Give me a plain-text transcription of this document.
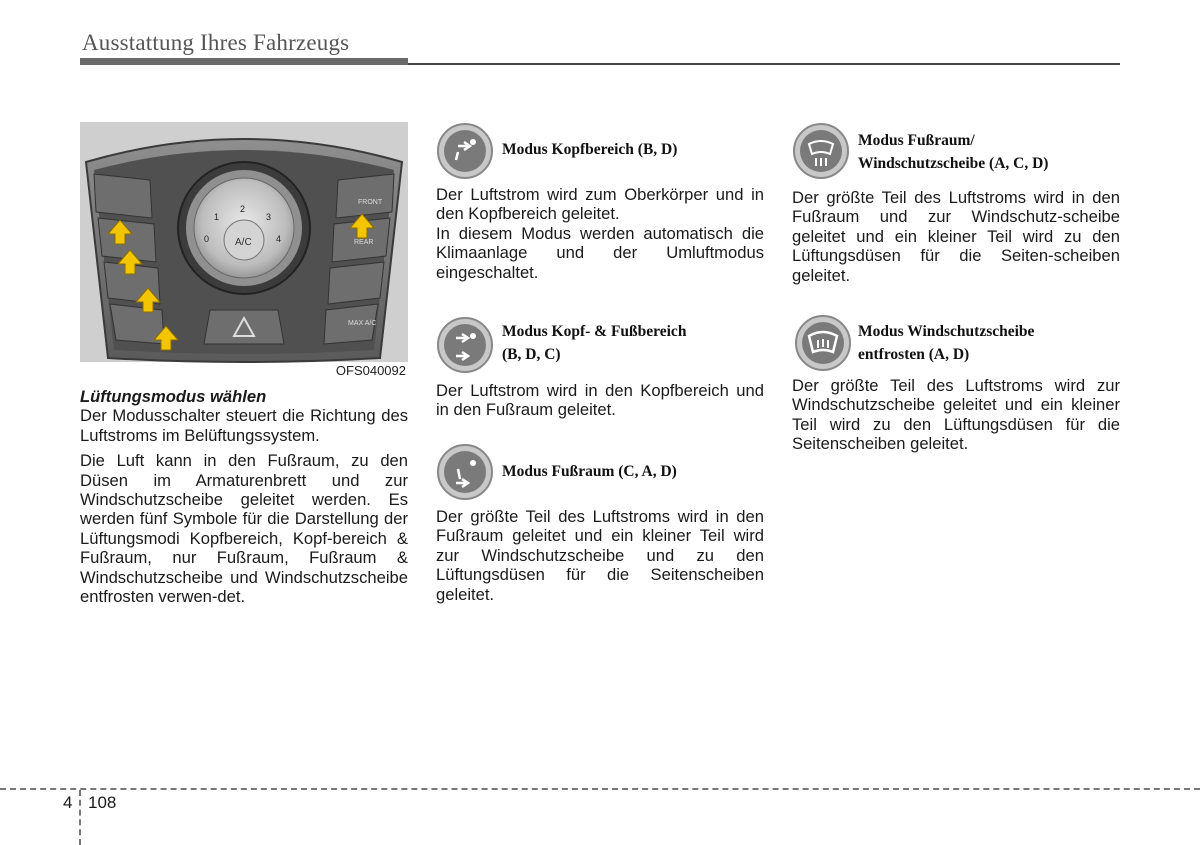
Ausstattung Ihres Fahrzeugs
FRONT
REAR
MAX A/C
A/C
0
1
2
3
4
OFS040092

Lüftungsmodus wählen

Der Modusschalter steuert die Richtung des Luftstroms im Belüftungssystem.

Die Luft kann in den Fußraum, zu den Düsen im Armaturenbrett und zur Windschutzscheibe geleitet werden. Es werden fünf Symbole für die Darstellung der Lüftungsmodi Kopfbereich, Kopf-bereich & Fußraum, nur Fußraum, Fußraum & Windschutzscheibe und Windschutzscheibe entfrosten verwen-det.

Modus Kopfbereich (B, D)

Der Luftstrom wird zum Oberkörper und in den Kopfbereich geleitet.

In diesem Modus werden automatisch die Klimaanlage und der Umluftmodus eingeschaltet.

Modus Kopf- & Fußbereich
(B, D, C)

Der Luftstrom wird in den Kopfbereich und in den Fußraum geleitet.

Modus Fußraum (C, A, D)

Der größte Teil des Luftstroms wird in den Fußraum geleitet und ein kleiner Teil wird zur Windschutzscheibe und zu den Lüftungsdüsen für die Seitenscheiben geleitet.

Modus Fußraum/
Windschutzscheibe (A, C, D)

Der größte Teil des Luftstroms wird in den Fußraum und zur Windschutz-scheibe geleitet und ein kleiner Teil wird zu den Lüftungsdüsen für die Seiten-scheiben geleitet.

Modus Windschutzscheibe
entfrosten (A, D)

Der größte Teil des Luftstroms wird zur Windschutzscheibe geleitet und ein kleiner Teil wird zu den Lüftungsdüsen für die Seitenscheiben geleitet.

4 108
